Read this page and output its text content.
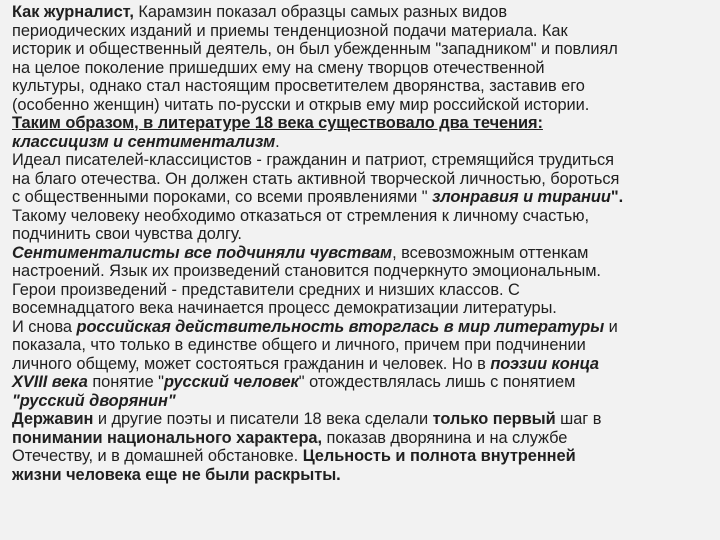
Как журналист, Карамзин показал образцы самых разных видов

периодических изданий и приемы тенденциозной подачи материала. Как

историк и общественный деятель, он был убежденным "западником" и повлиял

на целое поколение пришедших ему на смену творцов отечественной

культуры, однако стал настоящим просветителем дворянства, заставив его

(особенно женщин) читать по-русски и открыв ему мир российской истории.

Таким образом, в литературе 18 века существовало два течения:

классицизм и сентиментализм.

Идеал писателей-классицистов - гражданин и патриот, стремящийся трудиться

на благо отечества. Он должен стать активной творческой личностью, бороться

с общественными пороками, со всеми проявлениями " злонравия и тирании".

Такому человеку необходимо отказаться от стремления к личному счастью,

подчинить свои чувства долгу.

Сентименталисты все подчиняли чувствам, всевозможным оттенкам

настроений. Язык их произведений становится подчеркнуто эмоциональным.

Герои произведений - представители средних и низших классов. С

восемнадцатого века начинается процесс демократизации литературы.

И снова российская действительность вторглась в мир литературы и

показала, что только в единстве общего и личного, причем при подчинении

личного общему, может состояться гражданин и человек. Но в поэзии конца

XVIII века понятие "русский человек" отождествлялась лишь с понятием

"русский дворянин"

Державин и другие поэты и писатели 18 века сделали только первый шаг в

понимании национального характера, показав дворянина и на службе

Отечеству, и в домашней обстановке. Цельность и полнота внутренней

жизни человека еще не были раскрыты.
